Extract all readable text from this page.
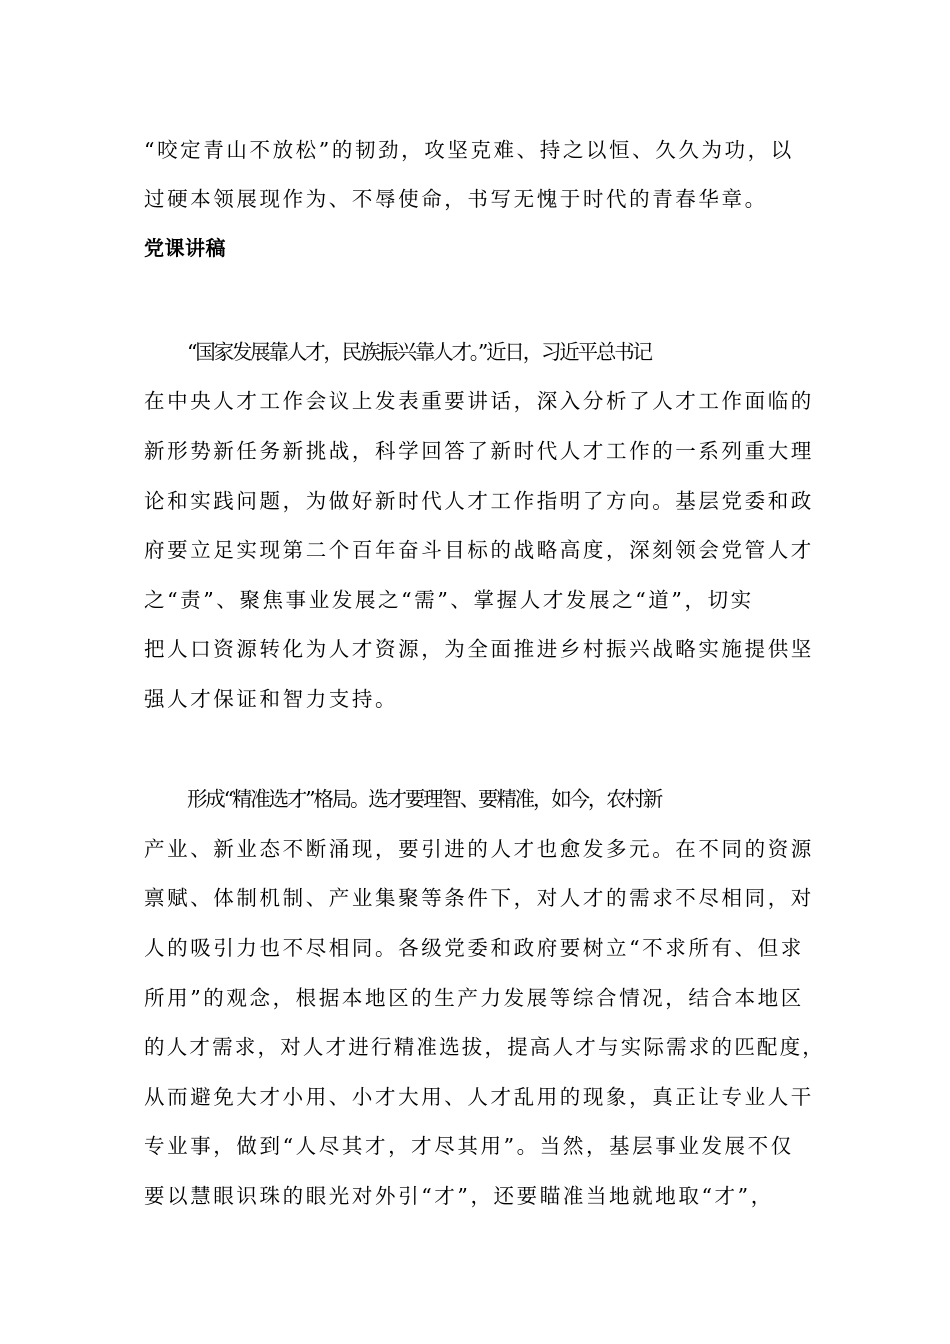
“咬定青山不放松”的韧劲，攻坚克难、持之以恒、久久为功，以
过硬本领展现作为、不辱使命，书写无愧于时代的青春华章。
党课讲稿
“国家发展靠人才，民族振兴靠人才。”近日，习近平总书记
在中央人才工作会议上发表重要讲话，深入分析了人才工作面临的
新形势新任务新挑战，科学回答了新时代人才工作的一系列重大理
论和实践问题，为做好新时代人才工作指明了方向。基层党委和政
府要立足实现第二个百年奋斗目标的战略高度，深刻领会党管人才
之“责”、聚焦事业发展之“需”、掌握人才发展之“道”，切实
把人口资源转化为人才资源，为全面推进乡村振兴战略实施提供坚
强人才保证和智力支持。
形成“精准选才”格局。选才要理智、要精准，如今，农村新
产业、新业态不断涌现，要引进的人才也愈发多元。在不同的资源
禀赋、体制机制、产业集聚等条件下，对人才的需求不尽相同，对
人的吸引力也不尽相同。各级党委和政府要树立“不求所有、但求
所用”的观念，根据本地区的生产力发展等综合情况，结合本地区
的人才需求，对人才进行精准选拔，提高人才与实际需求的匹配度，
从而避免大才小用、小才大用、人才乱用的现象，真正让专业人干
专业事，做到“人尽其才，才尽其用”。当然，基层事业发展不仅
要以慧眼识珠的眼光对外引“才”，还要瞄准当地就地取“才”，
